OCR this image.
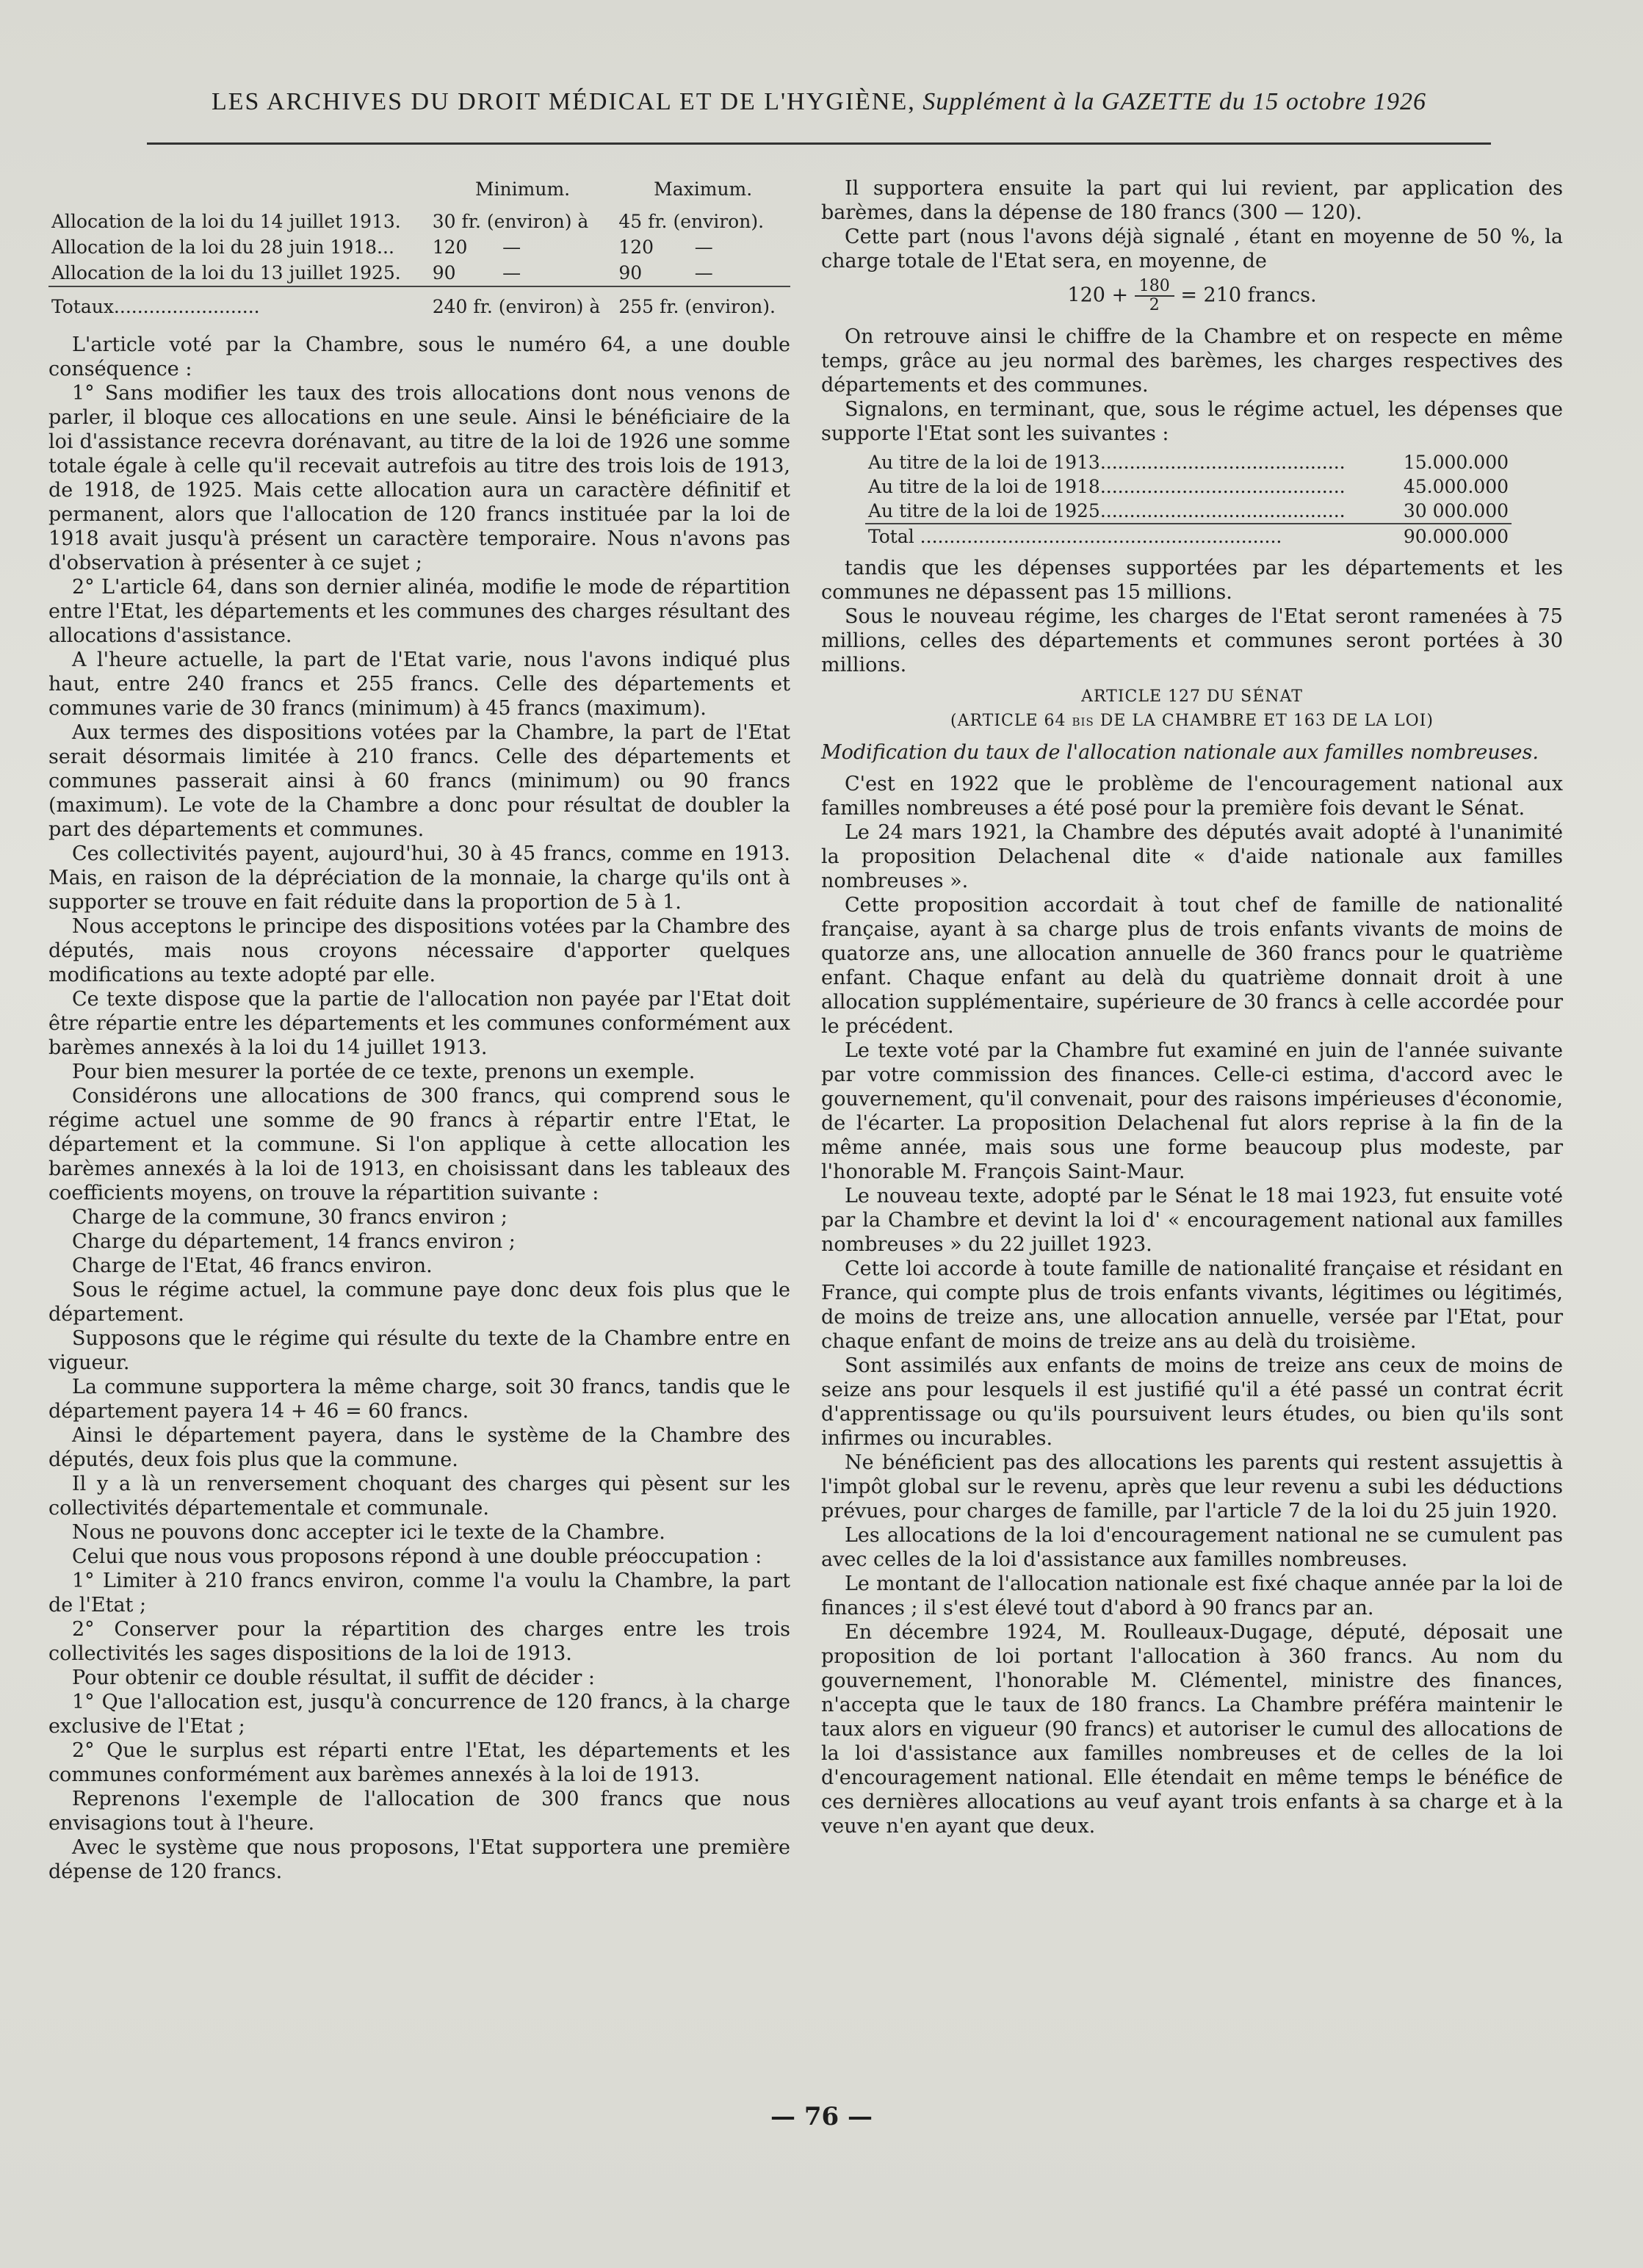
LES ARCHIVES DU DROIT MÉDICAL ET DE L'HYGIÈNE, Supplément à la GAZETTE du 15 octobre 1926
	Minimum.	Maximum.
Allocation de la loi du 14 juillet 1913.	30 fr. (environ) à	45 fr. (environ).
Allocation de la loi du 28 juin 1918...	120 —	120 —
Allocation de la loi du 13 juillet 1925.	90 —	90 —
Totaux.........................	240 fr. (environ) à	255 fr. (environ).

L'article voté par la Chambre, sous le numéro 64, a une double conséquence :

1° Sans modifier les taux des trois allocations dont nous venons de parler, il bloque ces allocations en une seule. Ainsi le bénéficiaire de la loi d'assistance recevra dorénavant, au titre de la loi de 1926 une somme totale égale à celle qu'il recevait autrefois au titre des trois lois de 1913, de 1918, de 1925. Mais cette allocation aura un caractère définitif et permanent, alors que l'allocation de 120 francs instituée par la loi de 1918 avait jusqu'à présent un caractère temporaire. Nous n'avons pas d'observation à présenter à ce sujet ;

2° L'article 64, dans son dernier alinéa, modifie le mode de répartition entre l'Etat, les départements et les communes des charges résultant des allocations d'assistance.

A l'heure actuelle, la part de l'Etat varie, nous l'avons indiqué plus haut, entre 240 francs et 255 francs. Celle des départements et communes varie de 30 francs (minimum) à 45 francs (maximum).

Aux termes des dispositions votées par la Chambre, la part de l'Etat serait désormais limitée à 210 francs. Celle des départements et communes passerait ainsi à 60 francs (minimum) ou 90 francs (maximum). Le vote de la Chambre a donc pour résultat de doubler la part des départements et communes.

Ces collectivités payent, aujourd'hui, 30 à 45 francs, comme en 1913. Mais, en raison de la dépréciation de la monnaie, la charge qu'ils ont à supporter se trouve en fait réduite dans la proportion de 5 à 1.

Nous acceptons le principe des dispositions votées par la Chambre des députés, mais nous croyons nécessaire d'apporter quelques modifications au texte adopté par elle.

Ce texte dispose que la partie de l'allocation non payée par l'Etat doit être répartie entre les départements et les communes conformément aux barèmes annexés à la loi du 14 juillet 1913.

Pour bien mesurer la portée de ce texte, prenons un exemple.

Considérons une allocations de 300 francs, qui comprend sous le régime actuel une somme de 90 francs à répartir entre l'Etat, le département et la commune. Si l'on applique à cette allocation les barèmes annexés à la loi de 1913, en choisissant dans les tableaux des coefficients moyens, on trouve la répartition suivante :

Charge de la commune, 30 francs environ ;

Charge du département, 14 francs environ ;

Charge de l'Etat, 46 francs environ.

Sous le régime actuel, la commune paye donc deux fois plus que le département.

Supposons que le régime qui résulte du texte de la Chambre entre en vigueur.

La commune supportera la même charge, soit 30 francs, tandis que le département payera 14 + 46 = 60 francs.

Ainsi le département payera, dans le système de la Chambre des députés, deux fois plus que la commune.

Il y a là un renversement choquant des charges qui pèsent sur les collectivités départementale et communale.

Nous ne pouvons donc accepter ici le texte de la Chambre.

Celui que nous vous proposons répond à une double préoccupation :

1° Limiter à 210 francs environ, comme l'a voulu la Chambre, la part de l'Etat ;

2° Conserver pour la répartition des charges entre les trois collectivités les sages dispositions de la loi de 1913.

Pour obtenir ce double résultat, il suffit de décider :

1° Que l'allocation est, jusqu'à concurrence de 120 francs, à la charge exclusive de l'Etat ;

2° Que le surplus est réparti entre l'Etat, les départements et les communes conformément aux barèmes annexés à la loi de 1913.

Reprenons l'exemple de l'allocation de 300 francs que nous envisagions tout à l'heure.

Avec le système que nous proposons, l'Etat supportera une première dépense de 120 francs.

Il supportera ensuite la part qui lui revient, par application des barèmes, dans la dépense de 180 francs (300 — 120).

Cette part (nous l'avons déjà signalé , étant en moyenne de 50 %, la charge totale de l'Etat sera, en moyenne, de

$120 + \frac{180}{2} = 210$ francs.

On retrouve ainsi le chiffre de la Chambre et on respecte en même temps, grâce au jeu normal des barèmes, les charges respectives des départements et des communes.

Signalons, en terminant, que, sous le régime actuel, les dépenses que supporte l'Etat sont les suivantes :

Au titre de la loi de 1913..........................................	15.000.000
Au titre de la loi de 1918..........................................	45.000.000
Au titre de la loi de 1925..........................................	30 000.000
Total ..............................................................	90.000.000

tandis que les dépenses supportées par les départements et les communes ne dépassent pas 15 millions.

Sous le nouveau régime, les charges de l'Etat seront ramenées à 75 millions, celles des départements et communes seront portées à 30 millions.

ARTICLE 127 DU SÉNAT

(ARTICLE 64 bis DE LA CHAMBRE ET 163 DE LA LOI)

Modification du taux de l'allocation nationale aux familles nombreuses.

C'est en 1922 que le problème de l'encouragement national aux familles nombreuses a été posé pour la première fois devant le Sénat.

Le 24 mars 1921, la Chambre des députés avait adopté à l'unanimité la proposition Delachenal dite « d'aide nationale aux familles nombreuses ».

Cette proposition accordait à tout chef de famille de nationalité française, ayant à sa charge plus de trois enfants vivants de moins de quatorze ans, une allocation annuelle de 360 francs pour le quatrième enfant. Chaque enfant au delà du quatrième donnait droit à une allocation supplémentaire, supérieure de 30 francs à celle accordée pour le précédent.

Le texte voté par la Chambre fut examiné en juin de l'année suivante par votre commission des finances. Celle-ci estima, d'accord avec le gouvernement, qu'il convenait, pour des raisons impérieuses d'économie, de l'écarter. La proposition Delachenal fut alors reprise à la fin de la même année, mais sous une forme beaucoup plus modeste, par l'honorable M. François Saint-Maur.

Le nouveau texte, adopté par le Sénat le 18 mai 1923, fut ensuite voté par la Chambre et devint la loi d' « encouragement national aux familles nombreuses » du 22 juillet 1923.

Cette loi accorde à toute famille de nationalité française et résidant en France, qui compte plus de trois enfants vivants, légitimes ou légitimés, de moins de treize ans, une allocation annuelle, versée par l'Etat, pour chaque enfant de moins de treize ans au delà du troisième.

Sont assimilés aux enfants de moins de treize ans ceux de moins de seize ans pour lesquels il est justifié qu'il a été passé un contrat écrit d'apprentissage ou qu'ils poursuivent leurs études, ou bien qu'ils sont infirmes ou incurables.

Ne bénéficient pas des allocations les parents qui restent assujettis à l'impôt global sur le revenu, après que leur revenu a subi les déductions prévues, pour charges de famille, par l'article 7 de la loi du 25 juin 1920.

Les allocations de la loi d'encouragement national ne se cumulent pas avec celles de la loi d'assistance aux familles nombreuses.

Le montant de l'allocation nationale est fixé chaque année par la loi de finances ; il s'est élevé tout d'abord à 90 francs par an.

En décembre 1924, M. Roulleaux-Dugage, député, déposait une proposition de loi portant l'allocation à 360 francs. Au nom du gouvernement, l'honorable M. Clémentel, ministre des finances, n'accepta que le taux de 180 francs. La Chambre préféra maintenir le taux alors en vigueur (90 francs) et autoriser le cumul des allocations de la loi d'assistance aux familles nombreuses et de celles de la loi d'encouragement national. Elle étendait en même temps le bénéfice de ces dernières allocations au veuf ayant trois enfants à sa charge et à la veuve n'en ayant que deux.

— 76 —
